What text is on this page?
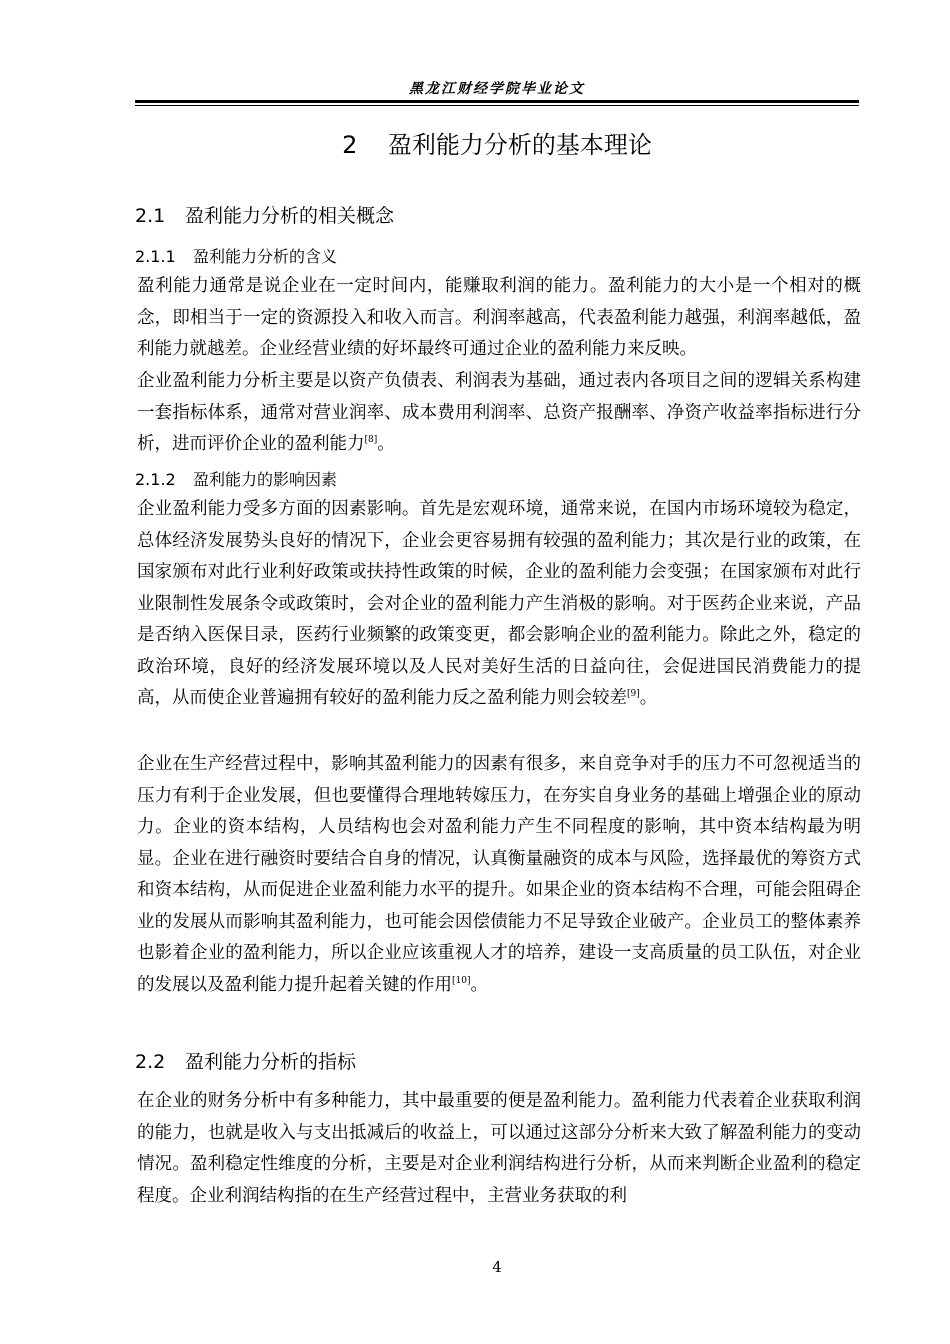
黑龙江财经学院毕业论文
2 盈利能力分析的基本理论
2.1 盈利能力分析的相关概念
2.1.1 盈利能力分析的含义
盈利能力通常是说企业在一定时间内，能赚取利润的能力。盈利能力的大小是一个相对的概念，即相当于一定的资源投入和收入而言。利润率越高，代表盈利能力越强，利润率越低，盈利能力就越差。企业经营业绩的好坏最终可通过企业的盈利能力来反映。
企业盈利能力分析主要是以资产负债表、利润表为基础，通过表内各项目之间的逻辑关系构建一套指标体系，通常对营业润率、成本费用利润率、总资产报酬率、净资产收益率指标进行分析，进而评价企业的盈利能力[8]。
2.1.2 盈利能力的影响因素
企业盈利能力受多方面的因素影响。首先是宏观环境，通常来说，在国内市场环境较为稳定，总体经济发展势头良好的情况下，企业会更容易拥有较强的盈利能力；其次是行业的政策，在国家颁布对此行业利好政策或扶持性政策的时候，企业的盈利能力会变强；在国家颁布对此行业限制性发展条令或政策时，会对企业的盈利能力产生消极的影响。对于医药企业来说，产品是否纳入医保目录，医药行业频繁的政策变更，都会影响企业的盈利能力。除此之外，稳定的政治环境，良好的经济发展环境以及人民对美好生活的日益向往，会促进国民消费能力的提高，从而使企业普遍拥有较好的盈利能力反之盈利能力则会较差[9]。
企业在生产经营过程中，影响其盈利能力的因素有很多，来自竞争对手的压力不可忽视适当的压力有利于企业发展，但也要懂得合理地转嫁压力，在夯实自身业务的基础上增强企业的原动力。企业的资本结构，人员结构也会对盈利能力产生不同程度的影响，其中资本结构最为明显。企业在进行融资时要结合自身的情况，认真衡量融资的成本与风险，选择最优的筹资方式和资本结构，从而促进企业盈利能力水平的提升。如果企业的资本结构不合理，可能会阻碍企业的发展从而影响其盈利能力，也可能会因偿债能力不足导致企业破产。企业员工的整体素养也影着企业的盈利能力，所以企业应该重视人才的培养，建设一支高质量的员工队伍，对企业的发展以及盈利能力提升起着关键的作用[10]。
2.2 盈利能力分析的指标
在企业的财务分析中有多种能力，其中最重要的便是盈利能力。盈利能力代表着企业获取利润的能力，也就是收入与支出抵减后的收益上，可以通过这部分分析来大致了解盈利能力的变动情况。盈利稳定性维度的分析，主要是对企业利润结构进行分析，从而来判断企业盈利的稳定程度。企业利润结构指的在生产经营过程中，主营业务获取的利
4
